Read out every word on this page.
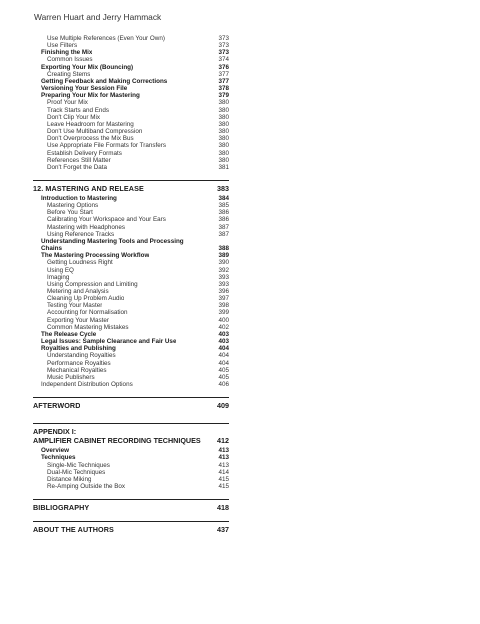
Warren Huart and Jerry Hammack
Use Multiple References (Even Your Own)	373
Use Filters	373
Finishing the Mix	373
Common Issues	374
Exporting Your Mix (Bouncing)	376
Creating Stems	377
Getting Feedback and Making Corrections	377
Versioning Your Session File	378
Preparing Your Mix for Mastering	379
Proof Your Mix	380
Track Starts and Ends	380
Don't Clip Your Mix	380
Leave Headroom for Mastering	380
Don't Use Multiband Compression	380
Don't Overprocess the Mix Bus	380
Use Appropriate File Formats for Transfers	380
Establish Delivery Formats	380
References Still Matter	380
Don't Forget the Data	381
12. MASTERING AND RELEASE	383
Introduction to Mastering	384
Mastering Options	385
Before You Start	386
Calibrating Your Workspace and Your Ears	386
Mastering with Headphones	387
Using Reference Tracks	387
Understanding Mastering Tools and Processing
Chains	388
The Mastering Processing Workflow	389
Getting Loudness Right	390
Using EQ	392
Imaging	393
Using Compression and Limiting	393
Metering and Analysis	396
Cleaning Up Problem Audio	397
Testing Your Master	398
Accounting for Normalisation	399
Exporting Your Master	400
Common Mastering Mistakes	402
The Release Cycle	403
Legal Issues: Sample Clearance and Fair Use	403
Royalties and Publishing	404
Understanding Royalties	404
Performance Royalties	404
Mechanical Royalties	405
Music Publishers	405
Independent Distribution Options	406
AFTERWORD	409
APPENDIX I:
AMPLIFIER CABINET RECORDING TECHNIQUES	412
Overview	413
Techniques	413
Single-Mic Techniques	413
Dual-Mic Techniques	414
Distance Miking	415
Re-Amping Outside the Box	415
BIBLIOGRAPHY	418
ABOUT THE AUTHORS	437
